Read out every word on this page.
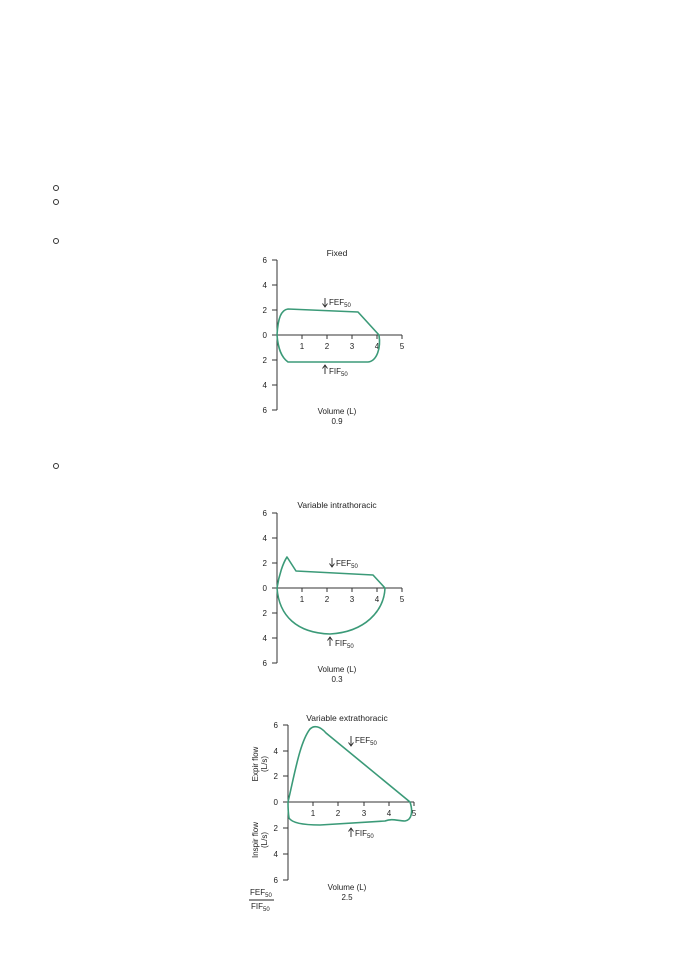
Fixed
6
4
2
0
2
4
6
1	2	3	4	5
$FEF_{50}$
$FIF_{50}$
Volume (L)
0.9
Variable intrathoracic
6
4
2
0
2
4
6
1	2	3	4	5
$FEF_{50}$
$FIF_{50}$
Volume (L)
0.3
Variable extrathoracic
6
4
2
0
2
4
6
1	2	3	4	5
Expir flow (L/s)
Inspir flow (L/s)
$FEF_{50}$
$FIF_{50}$
Volume (L)
2.5
$FEF_{50}$
$FIF_{50}$
